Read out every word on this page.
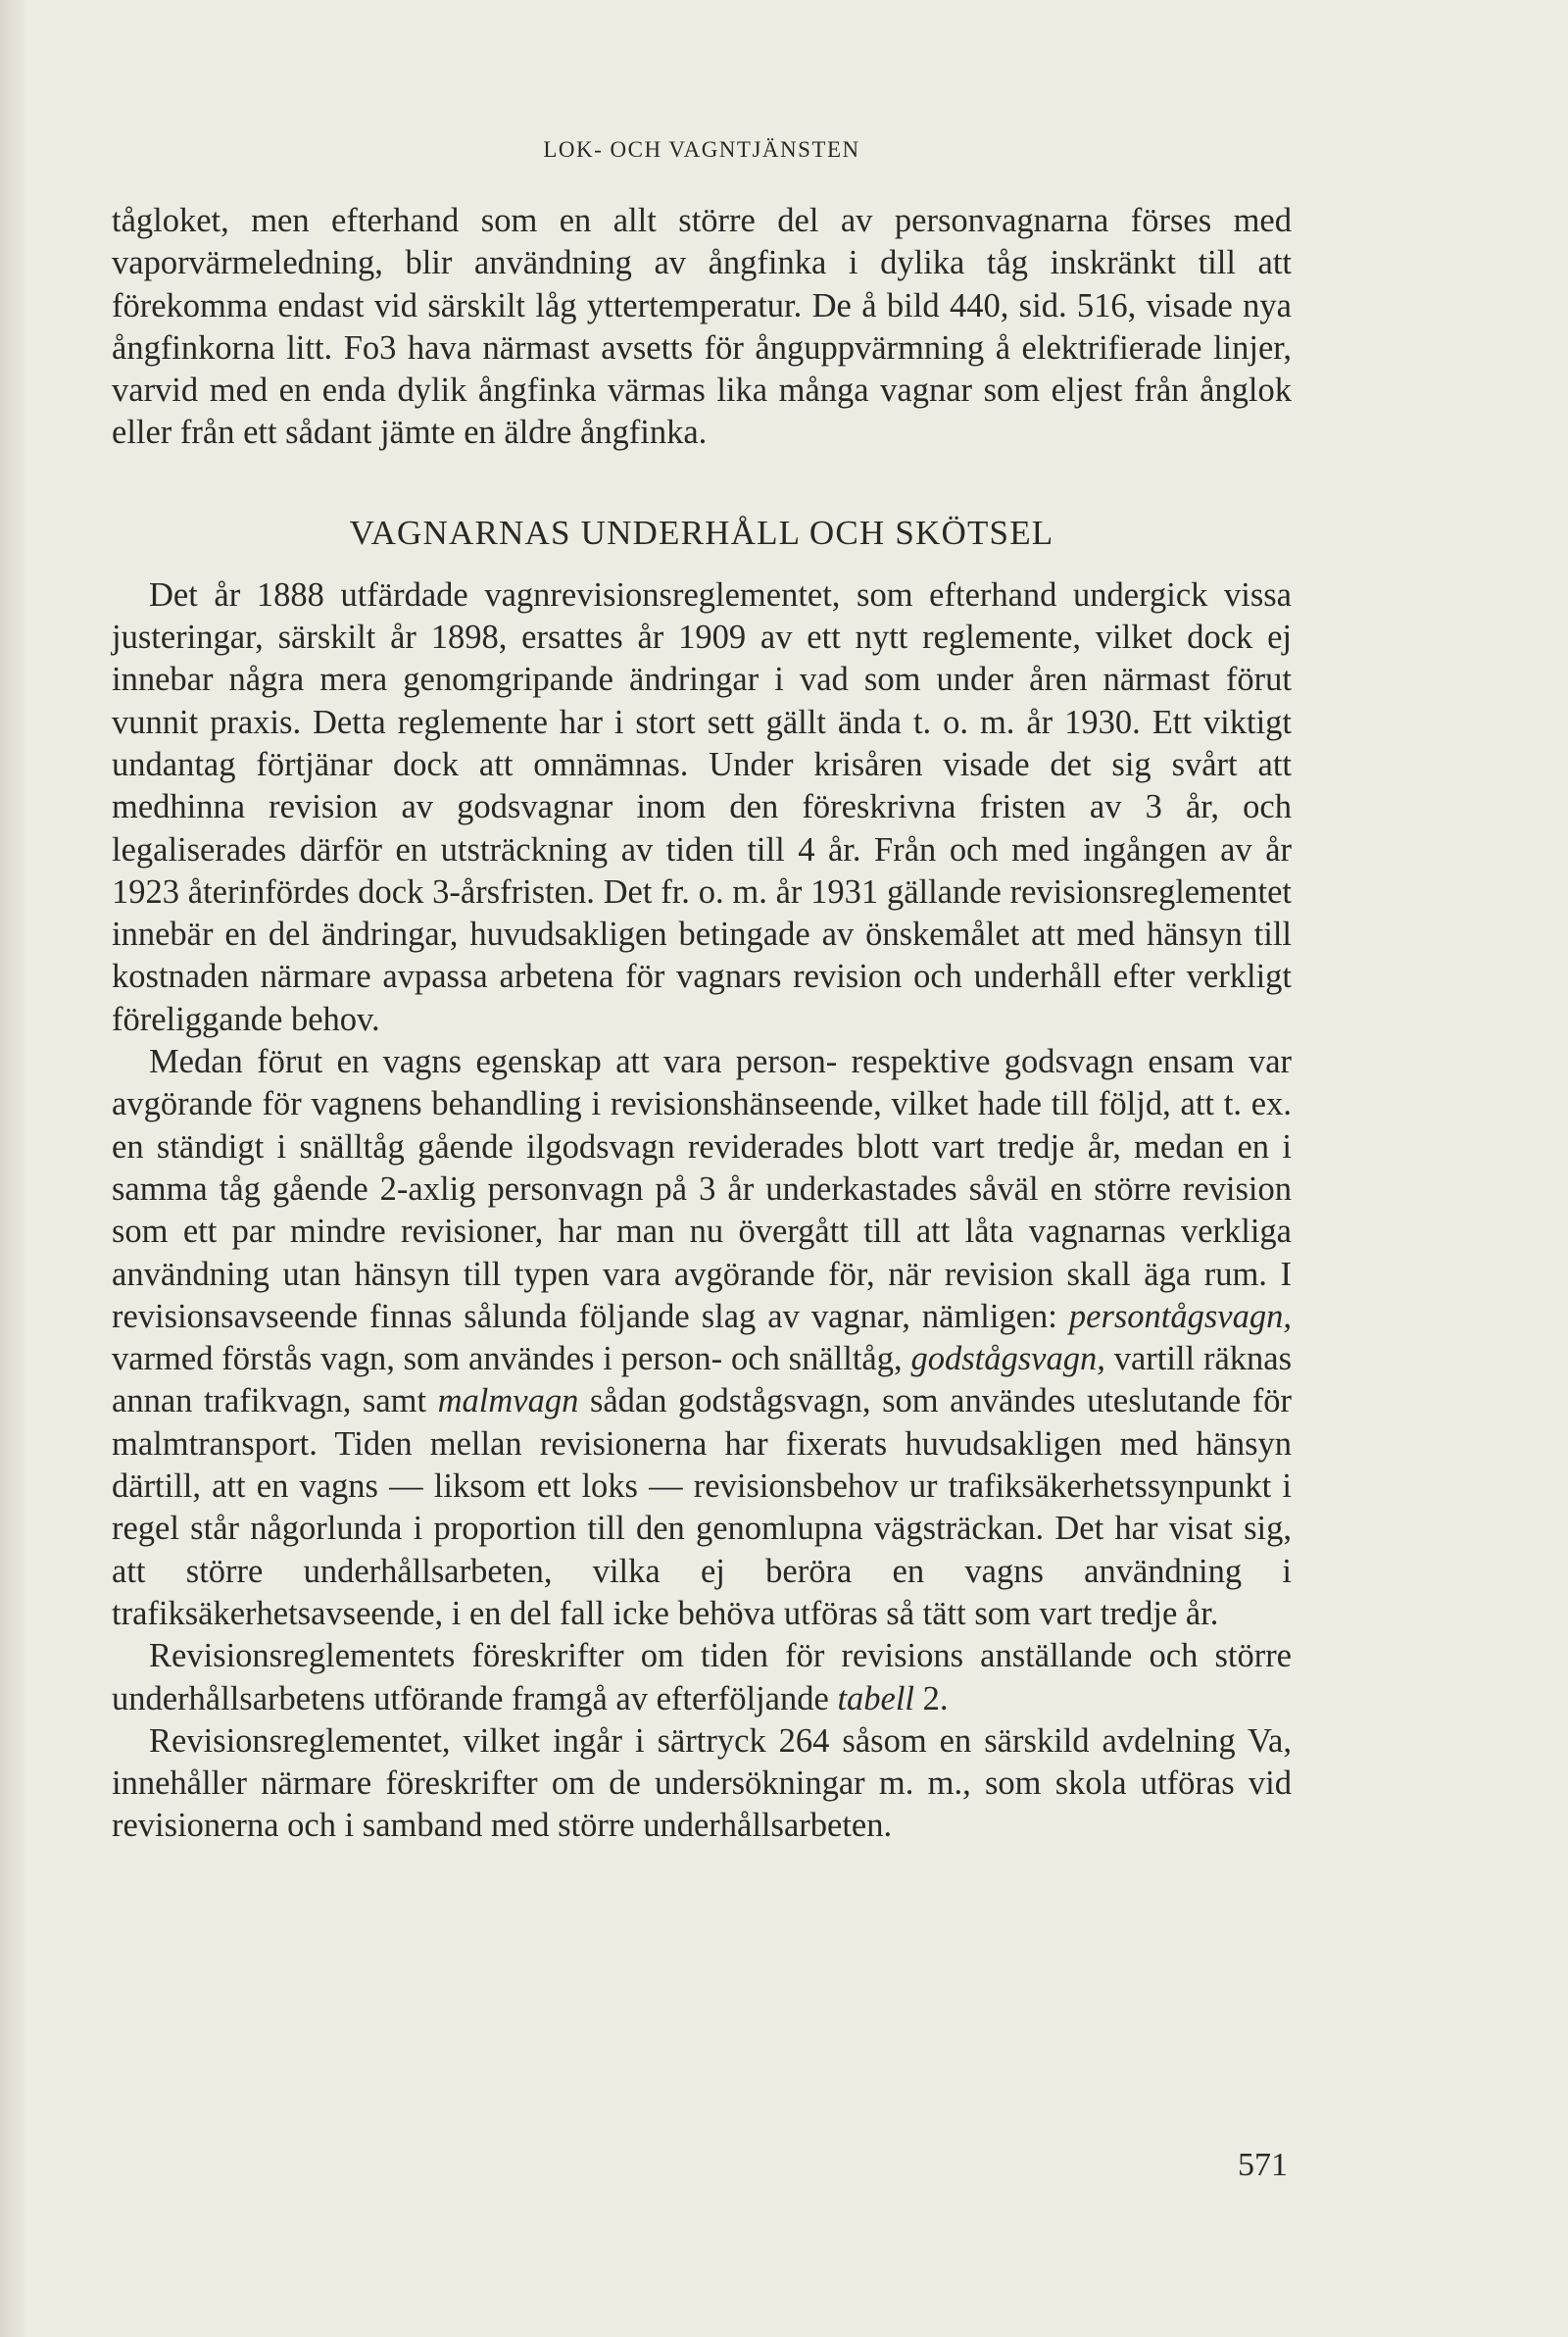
LOK- OCH VAGNTJÄNSTEN

tågloket, men efterhand som en allt större del av personvagnarna förses med vaporvärmeledning, blir användning av ångfinka i dylika tåg inskränkt till att förekomma endast vid särskilt låg yttertemperatur. De å bild 440, sid. 516, visade nya ångfinkorna litt. Fo3 hava närmast avsetts för ånguppvärmning å elektrifierade linjer, varvid med en enda dylik ångfinka värmas lika många vagnar som eljest från ånglok eller från ett sådant jämte en äldre ångfinka.

VAGNARNAS UNDERHÅLL OCH SKÖTSEL

Det år 1888 utfärdade vagnrevisionsreglementet, som efterhand undergick vissa justeringar, särskilt år 1898, ersattes år 1909 av ett nytt reglemente, vilket dock ej innebar några mera genomgripande ändringar i vad som under åren närmast förut vunnit praxis. Detta reglemente har i stort sett gällt ända t. o. m. år 1930. Ett viktigt undantag förtjänar dock att omnämnas. Under krisåren visade det sig svårt att medhinna revision av godsvagnar inom den föreskrivna fristen av 3 år, och legaliserades därför en utsträckning av tiden till 4 år. Från och med ingången av år 1923 återinfördes dock 3-årsfristen. Det fr. o. m. år 1931 gällande revisionsreglementet innebär en del ändringar, huvudsakligen betingade av önskemålet att med hänsyn till kostnaden närmare avpassa arbetena för vagnars revision och underhåll efter verkligt föreliggande behov.

Medan förut en vagns egenskap att vara person- respektive godsvagn ensam var avgörande för vagnens behandling i revisionshänseende, vilket hade till följd, att t. ex. en ständigt i snälltåg gående ilgodsvagn reviderades blott vart tredje år, medan en i samma tåg gående 2-axlig personvagn på 3 år underkastades såväl en större revision som ett par mindre revisioner, har man nu övergått till att låta vagnarnas verkliga användning utan hänsyn till typen vara avgörande för, när revision skall äga rum. I revisionsavseende finnas sålunda följande slag av vagnar, nämligen: persontågsvagn, varmed förstås vagn, som användes i person- och snälltåg, godstågsvagn, vartill räknas annan trafikvagn, samt malmvagn sådan godstågsvagn, som användes uteslutande för malmtransport. Tiden mellan revisionerna har fixerats huvudsakligen med hänsyn därtill, att en vagns — liksom ett loks — revisionsbehov ur trafiksäkerhetssynpunkt i regel står någorlunda i proportion till den genomlupna vägsträckan. Det har visat sig, att större underhållsarbeten, vilka ej beröra en vagns användning i trafiksäkerhetsavseende, i en del fall icke behöva utföras så tätt som vart tredje år.

Revisionsreglementets föreskrifter om tiden för revisions anställande och större underhållsarbetens utförande framgå av efterföljande tabell 2.

Revisionsreglementet, vilket ingår i särtryck 264 såsom en särskild avdelning Va, innehåller närmare föreskrifter om de undersökningar m. m., som skola utföras vid revisionerna och i samband med större underhållsarbeten.

571
